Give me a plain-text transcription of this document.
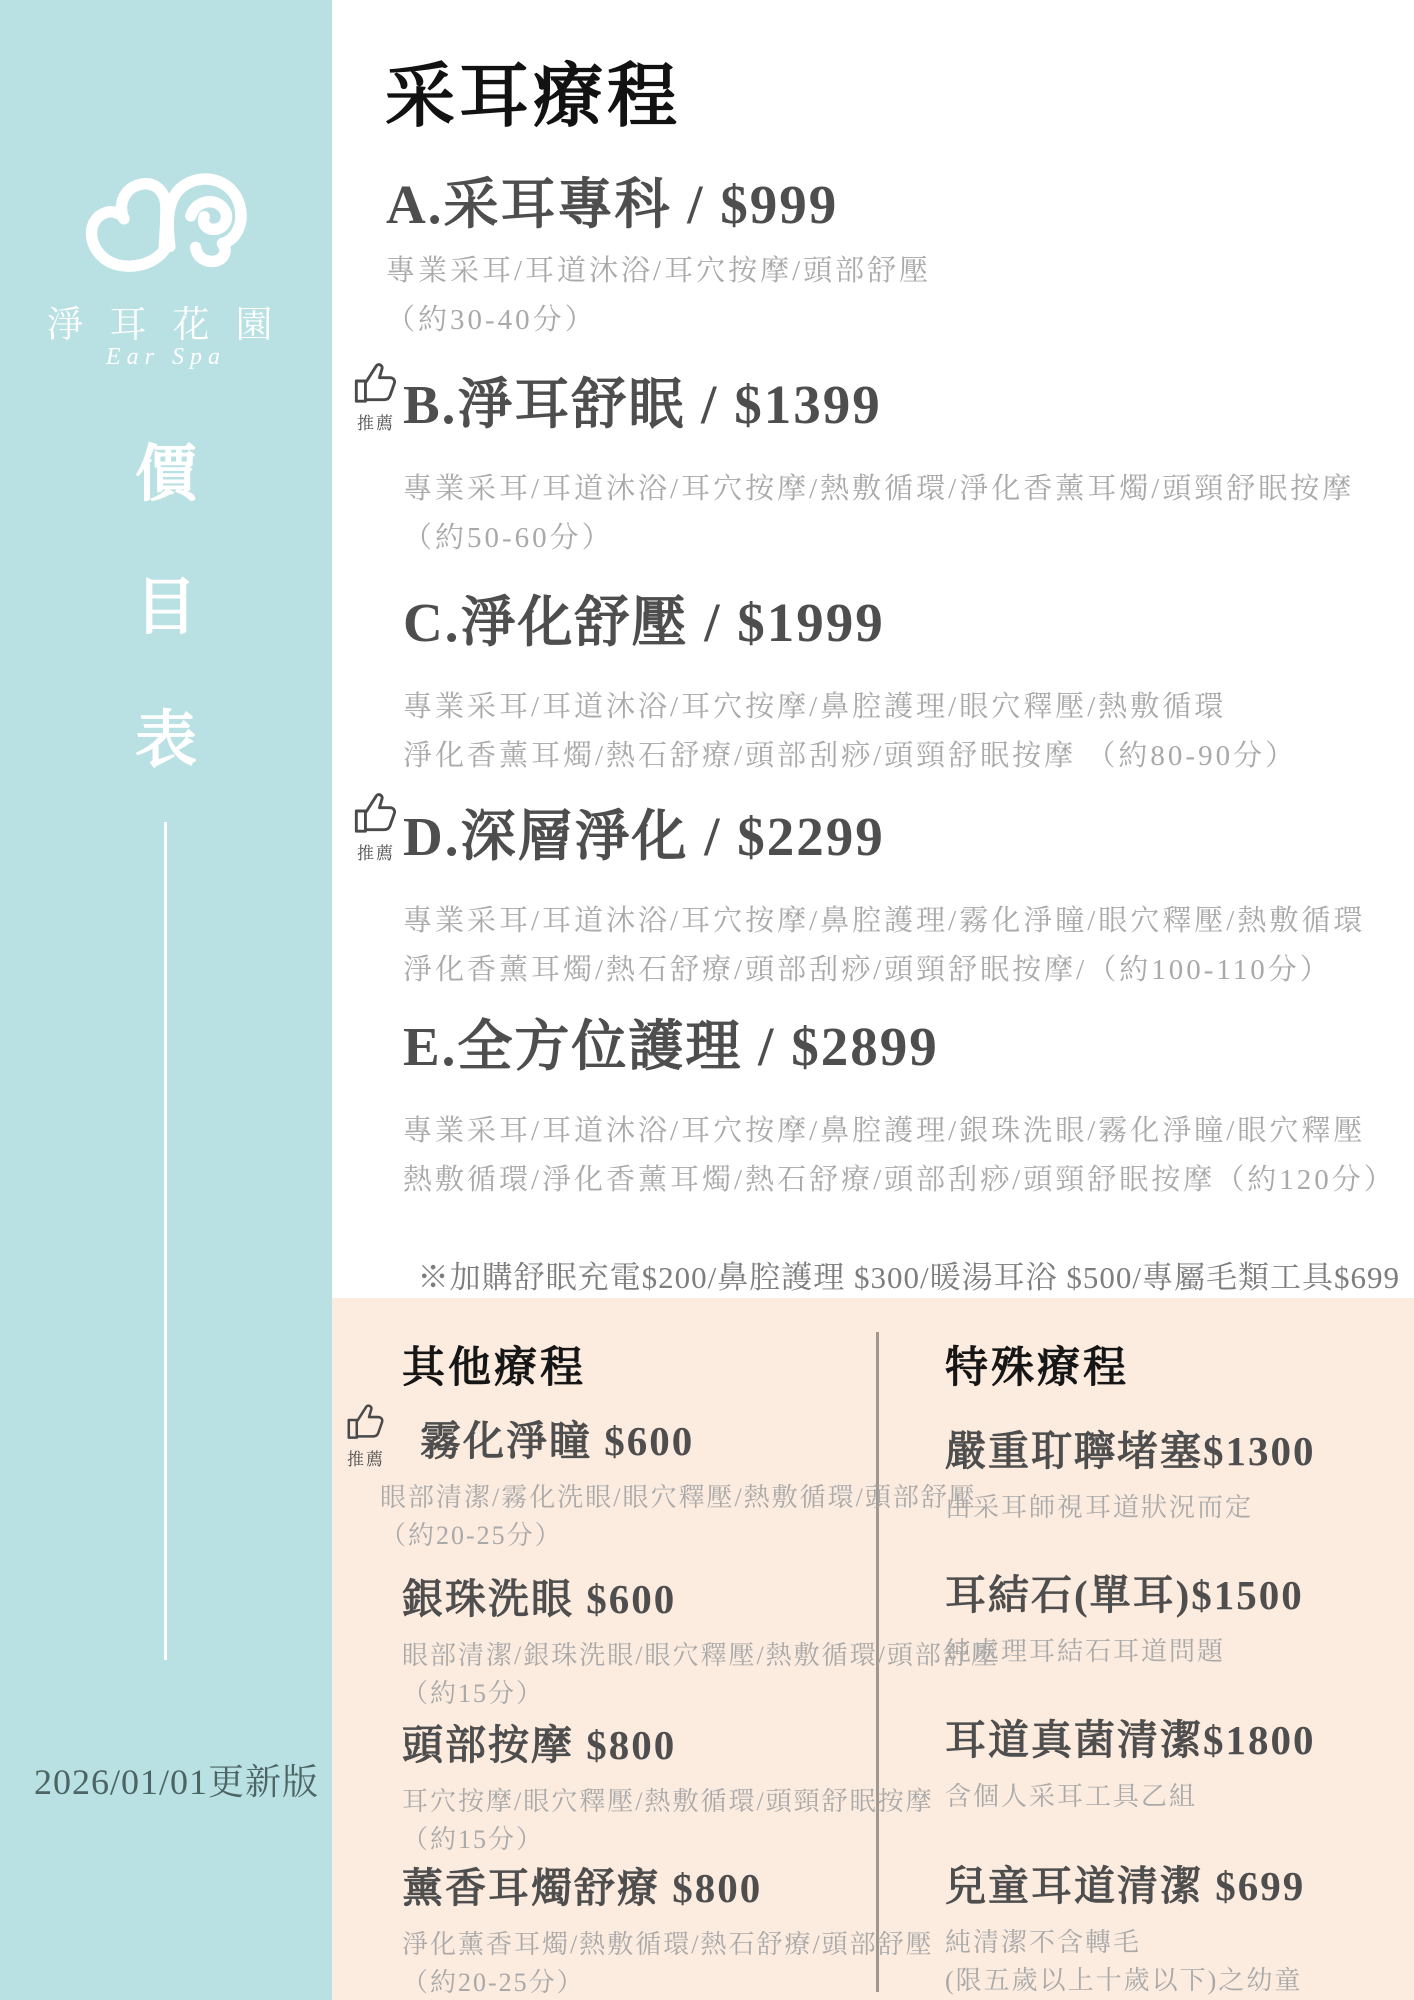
淨耳花園
Ear Spa
價
目
表
2026/01/01更新版
采耳療程
推薦
推薦
A.采耳專科 / $999

專業采耳/耳道沐浴/耳穴按摩/頭部舒壓

（約30-40分）

B.淨耳舒眠 / $1399

專業采耳/耳道沐浴/耳穴按摩/熱敷循環/淨化香薰耳燭/頭頸舒眠按摩

（約50-60分）

C.淨化舒壓 / $1999

專業采耳/耳道沐浴/耳穴按摩/鼻腔護理/眼穴釋壓/熱敷循環

淨化香薰耳燭/熱石舒療/頭部刮痧/頭頸舒眠按摩 （約80-90分）

D.深層淨化 / $2299

專業采耳/耳道沐浴/耳穴按摩/鼻腔護理/霧化淨瞳/眼穴釋壓/熱敷循環

淨化香薰耳燭/熱石舒療/頭部刮痧/頭頸舒眠按摩/（約100-110分）

E.全方位護理 / $2899

專業采耳/耳道沐浴/耳穴按摩/鼻腔護理/銀珠洗眼/霧化淨瞳/眼穴釋壓

熱敷循環/淨化香薰耳燭/熱石舒療/頭部刮痧/頭頸舒眠按摩（約120分）

※加購舒眠充電$200/鼻腔護理 $300/暖湯耳浴 $500/專屬毛類工具$699

其他療程	特殊療程
推薦 霧化淨瞳 $600

眼部清潔/霧化洗眼/眼穴釋壓/熱敷循環/頭部舒壓

（約20-25分）

銀珠洗眼 $600

眼部清潔/銀珠洗眼/眼穴釋壓/熱敷循環/頭部舒壓

（約15分）

頭部按摩 $800

耳穴按摩/眼穴釋壓/熱敷循環/頭頸舒眠按摩

（約15分）

薰香耳燭舒療 $800

淨化薰香耳燭/熱敷循環/熱石舒療/頭部舒壓

（約20-25分）

嚴重耵聹堵塞$1300

由采耳師視耳道狀況而定

耳結石(單耳)$1500

純處理耳結石耳道問題

耳道真菌清潔$1800

含個人采耳工具乙組

兒童耳道清潔 $699

純清潔不含轉毛

(限五歲以上十歲以下)之幼童
